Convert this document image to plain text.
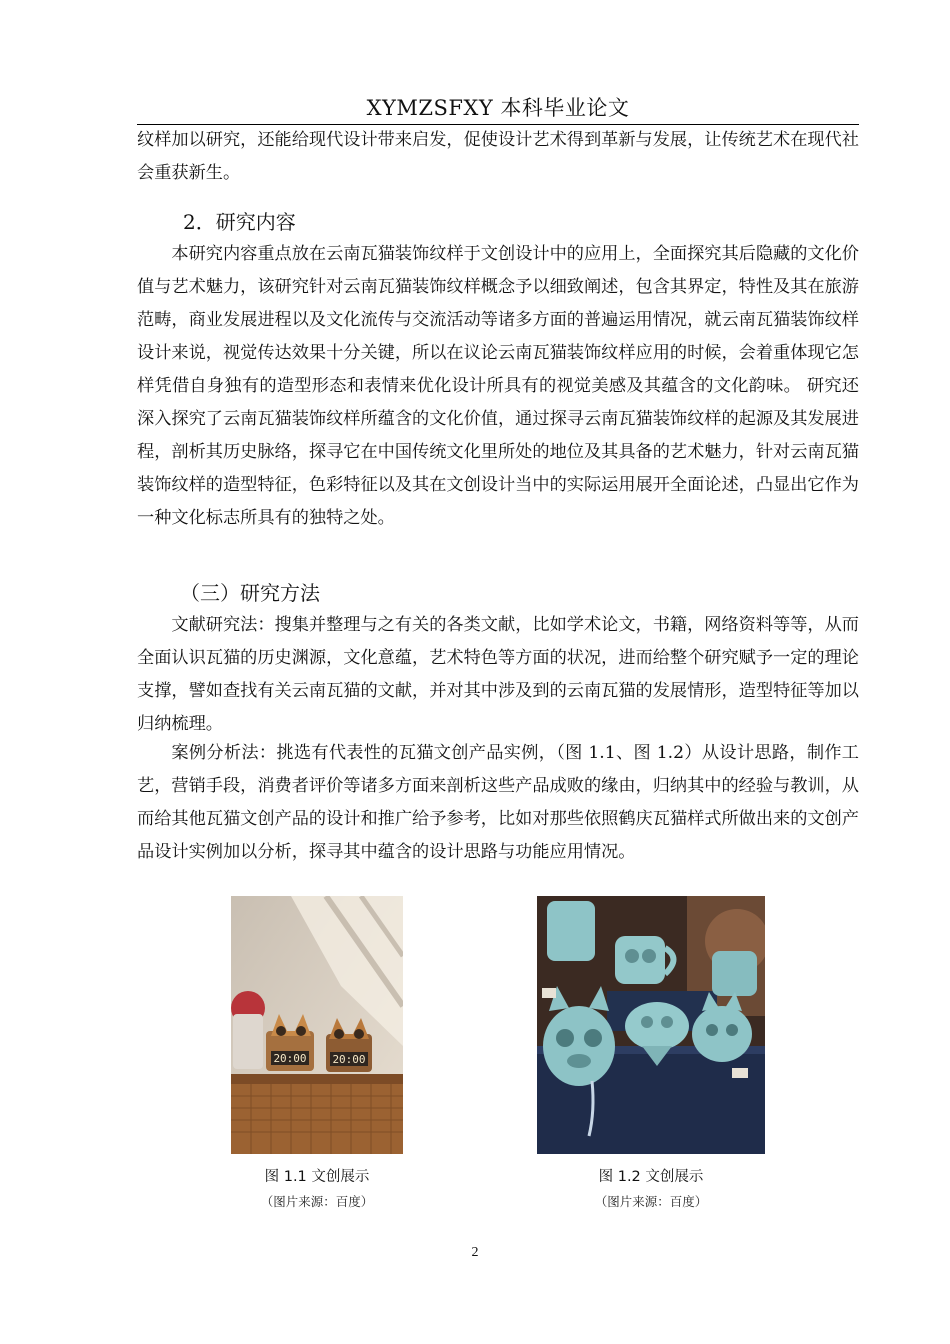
XYMZSFXY 本科毕业论文
纹样加以研究，还能给现代设计带来启发，促使设计艺术得到革新与发展，让传统艺术在现代社会重获新生。
2．研究内容
本研究内容重点放在云南瓦猫装饰纹样于文创设计中的应用上，全面探究其后隐藏的文化价值与艺术魅力，该研究针对云南瓦猫装饰纹样概念予以细致阐述，包含其界定，特性及其在旅游范畴，商业发展进程以及文化流传与交流活动等诸多方面的普遍运用情况，就云南瓦猫装饰纹样设计来说，视觉传达效果十分关键，所以在议论云南瓦猫装饰纹样应用的时候，会着重体现它怎样凭借自身独有的造型形态和表情来优化设计所具有的视觉美感及其蕴含的文化韵味。 研究还深入探究了云南瓦猫装饰纹样所蕴含的文化价值，通过探寻云南瓦猫装饰纹样的起源及其发展进程，剖析其历史脉络，探寻它在中国传统文化里所处的地位及其具备的艺术魅力，针对云南瓦猫装饰纹样的造型特征，色彩特征以及其在文创设计当中的实际运用展开全面论述，凸显出它作为一种文化标志所具有的独特之处。
（三）研究方法
文献研究法：搜集并整理与之有关的各类文献，比如学术论文，书籍，网络资料等等，从而全面认识瓦猫的历史渊源，文化意蕴，艺术特色等方面的状况，进而给整个研究赋予一定的理论支撑，譬如查找有关云南瓦猫的文献，并对其中涉及到的云南瓦猫的发展情形，造型特征等加以归纳梳理。
案例分析法：挑选有代表性的瓦猫文创产品实例，（图 1.1、图 1.2）从设计思路，制作工艺，营销手段，消费者评价等诸多方面来剖析这些产品成败的缘由，归纳其中的经验与教训，从而给其他瓦猫文创产品的设计和推广给予参考，比如对那些依照鹤庆瓦猫样式所做出来的文创产品设计实例加以分析，探寻其中蕴含的设计思路与功能应用情况。
20:00 20:00
图 1.1 文创展示
（图片来源：百度）
图 1.2 文创展示
（图片来源：百度）
2
